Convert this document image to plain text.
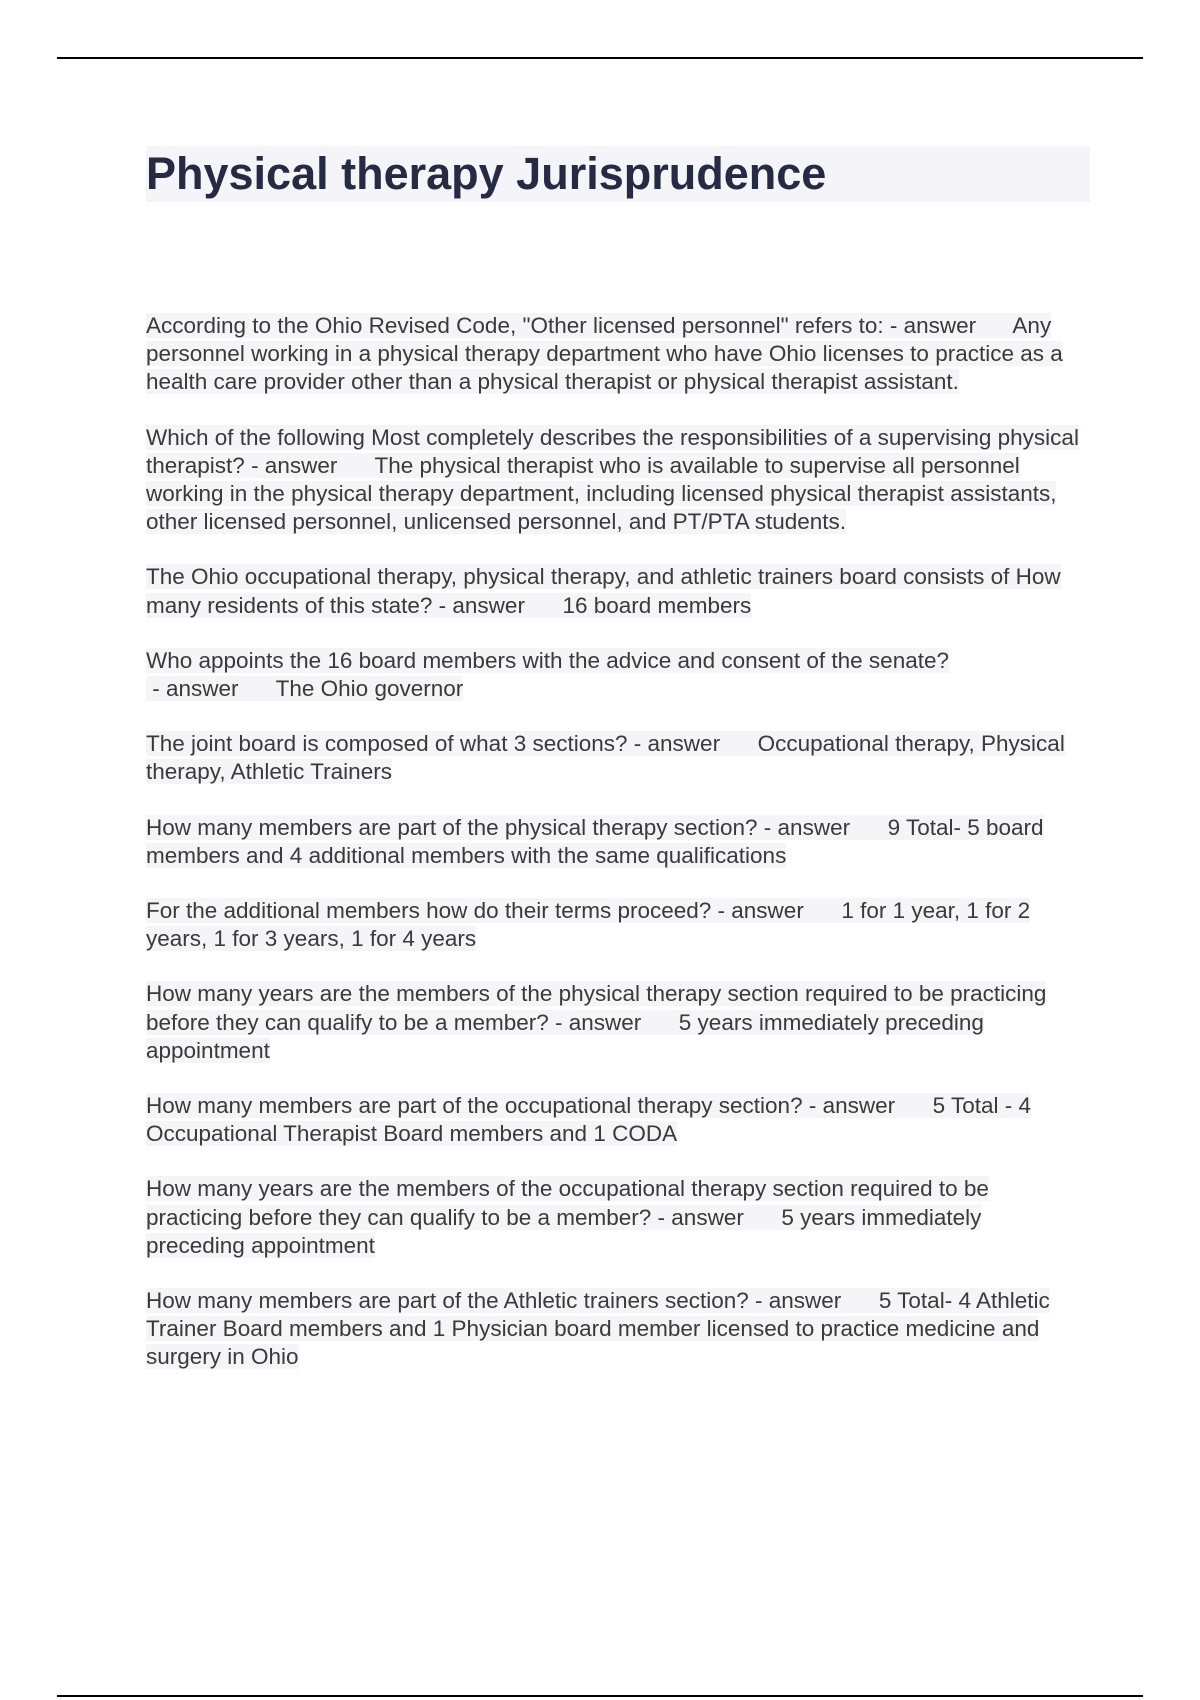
Physical therapy Jurisprudence

According to the Ohio Revised Code, "Other licensed personnel" refers to: - answer      Any personnel working in a physical therapy department who have Ohio licenses to practice as a health care provider other than a physical therapist or physical therapist assistant.

Which of the following Most completely describes the responsibilities of a supervising physical therapist? - answer      The physical therapist who is available to supervise all personnel working in the physical therapy department, including licensed physical therapist assistants, other licensed personnel, unlicensed personnel, and PT/PTA students.

The Ohio occupational therapy, physical therapy, and athletic trainers board consists of How many residents of this state? - answer      16 board members

Who appoints the 16 board members with the advice and consent of the senate? - answer      The Ohio governor

The joint board is composed of what 3 sections? - answer      Occupational therapy, Physical therapy, Athletic Trainers

How many members are part of the physical therapy section? - answer      9 Total- 5 board members and 4 additional members with the same qualifications

For the additional members how do their terms proceed? - answer      1 for 1 year, 1 for 2 years, 1 for 3 years, 1 for 4 years

How many years are the members of the physical therapy section required to be practicing before they can qualify to be a member? - answer      5 years immediately preceding appointment

How many members are part of the occupational therapy section? - answer      5 Total - 4 Occupational Therapist Board members and 1 CODA

How many years are the members of the occupational therapy section required to be practicing before they can qualify to be a member? - answer      5 years immediately preceding appointment

How many members are part of the Athletic trainers section? - answer      5 Total- 4 Athletic Trainer Board members and 1 Physician board member licensed to practice medicine and surgery in Ohio
